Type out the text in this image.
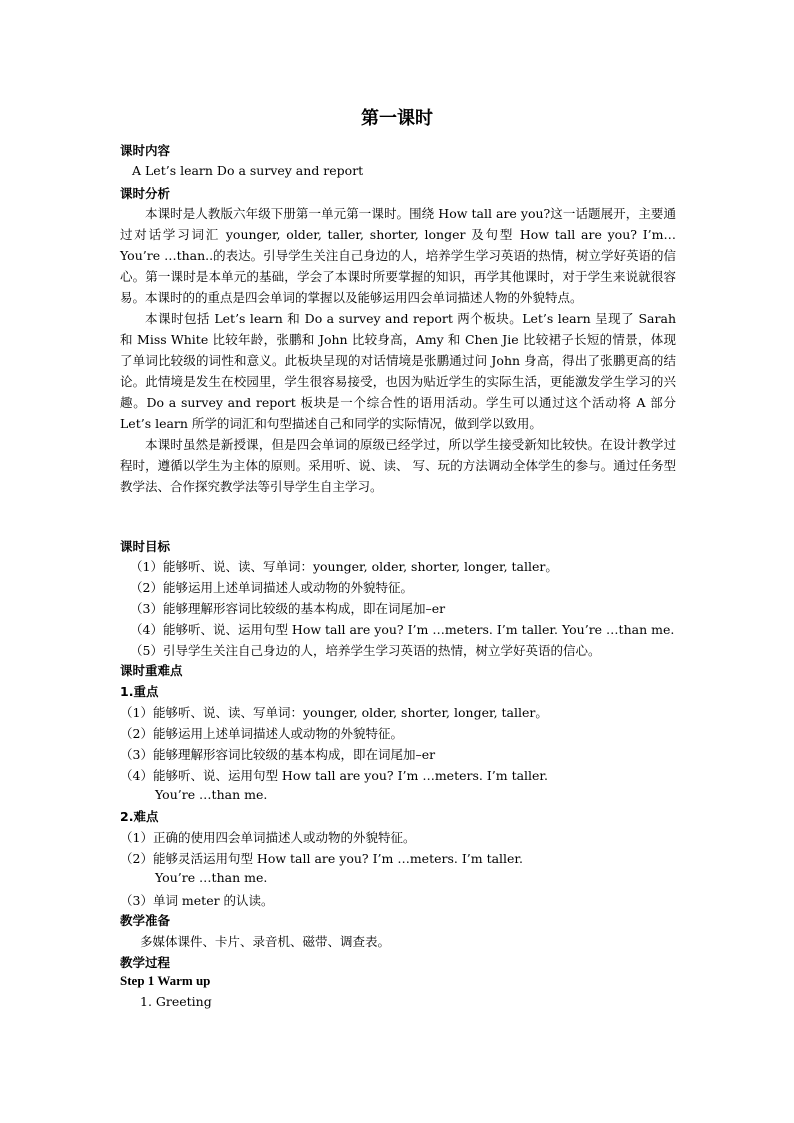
第一课时
课时内容
A Let’s learn Do a survey and report
课时分析

本课时是人教版六年级下册第一单元第一课时。围绕 How tall are you?这一话题展开，主要通过对话学习词汇 younger, older, taller, shorter, longer 及句型 How tall are you? I’m…You’re …than..的表达。引导学生关注自己身边的人，培养学生学习英语的热情，树立学好英语的信心。第一课时是本单元的基础，学会了本课时所要掌握的知识，再学其他课时，对于学生来说就很容易。本课时的的重点是四会单词的掌握以及能够运用四会单词描述人物的外貌特点。

本课时包括 Let’s learn 和 Do a survey and report 两个板块。Let’s learn 呈现了 Sarah 和 Miss White 比较年龄，张鹏和 John 比较身高，Amy 和 Chen Jie 比较裙子长短的情景，体现了单词比较级的词性和意义。此板块呈现的对话情境是张鹏通过问 John 身高，得出了张鹏更高的结论。此情境是发生在校园里，学生很容易接受，也因为贴近学生的实际生活，更能激发学生学习的兴趣。Do a survey and report 板块是一个综合性的语用活动。学生可以通过这个活动将 A 部分 Let’s learn 所学的词汇和句型描述自己和同学的实际情况，做到学以致用。

本课时虽然是新授课，但是四会单词的原级已经学过，所以学生接受新知比较快。在设计教学过程时，遵循以学生为主体的原则。采用听、说、读、 写、玩的方法调动全体学生的参与。通过任务型教学法、合作探究教学法等引导学生自主学习。

课时目标
（1）能够听、说、读、写单词：younger, older, shorter, longer, taller。
（2）能够运用上述单词描述人或动物的外貌特征。
（3）能够理解形容词比较级的基本构成，即在词尾加–er
（4）能够听、说、运用句型 How tall are you? I’m …meters. I’m taller. You’re …than me.
（5）引导学生关注自己身边的人，培养学生学习英语的热情，树立学好英语的信心。
课时重难点
1.重点
（1）能够听、说、读、写单词：younger, older, shorter, longer, taller。
（2）能够运用上述单词描述人或动物的外貌特征。
（3）能够理解形容词比较级的基本构成，即在词尾加–er
（4）能够听、说、运用句型 How tall are you? I’m …meters. I’m taller.
You’re …than me.
2.难点
（1）正确的使用四会单词描述人或动物的外貌特征。
（2）能够灵活运用句型 How tall are you? I’m …meters. I’m taller.
You’re …than me.
（3）单词 meter 的认读。
教学准备
多媒体课件、卡片、录音机、磁带、调查表。
教学过程
Step 1 Warm up
1. Greeting
